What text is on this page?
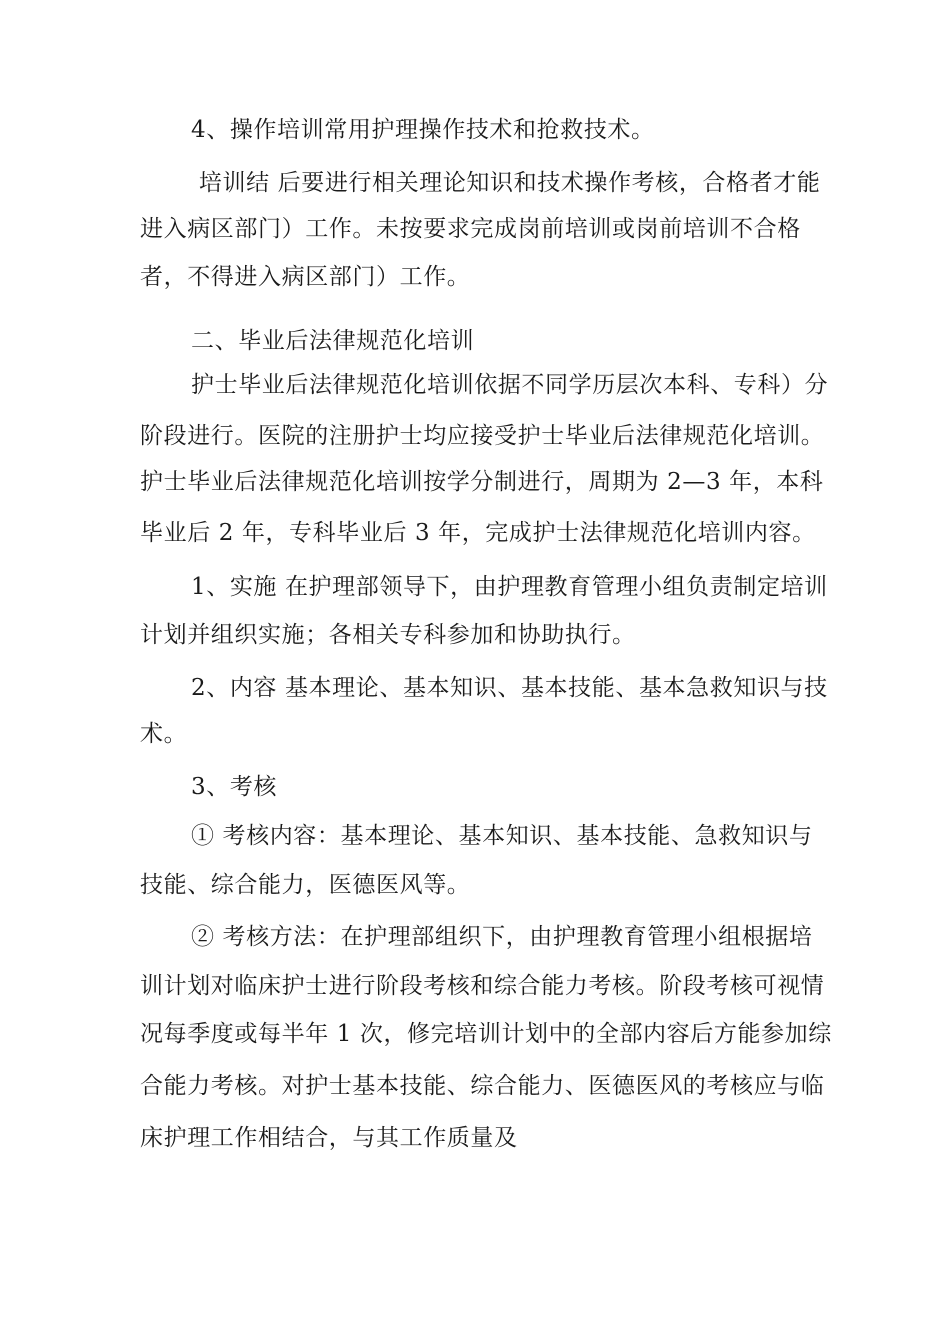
4、操作培训常用护理操作技术和抢救技术。
培训结 后要进行相关理论知识和技术操作考核，合格者才能
进入病区部门）工作。未按要求完成岗前培训或岗前培训不合格
者，不得进入病区部门）工作。
二、毕业后法律规范化培训
护士毕业后法律规范化培训依据不同学历层次本科、专科）分
阶段进行。医院的注册护士均应接受护士毕业后法律规范化培训。
护士毕业后法律规范化培训按学分制进行，周期为 2—3 年，本科
毕业后 2 年，专科毕业后 3 年，完成护士法律规范化培训内容。
1、实施 在护理部领导下，由护理教育管理小组负责制定培训
计划并组织实施；各相关专科参加和协助执行。
2、内容 基本理论、基本知识、基本技能、基本急救知识与技
术。
3、考核
① 考核内容：基本理论、基本知识、基本技能、急救知识与
技能、综合能力，医德医风等。
② 考核方法：在护理部组织下，由护理教育管理小组根据培
训计划对临床护士进行阶段考核和综合能力考核。阶段考核可视情
况每季度或每半年 1 次，修完培训计划中的全部内容后方能参加综
合能力考核。对护士基本技能、综合能力、医德医风的考核应与临
床护理工作相结合，与其工作质量及
